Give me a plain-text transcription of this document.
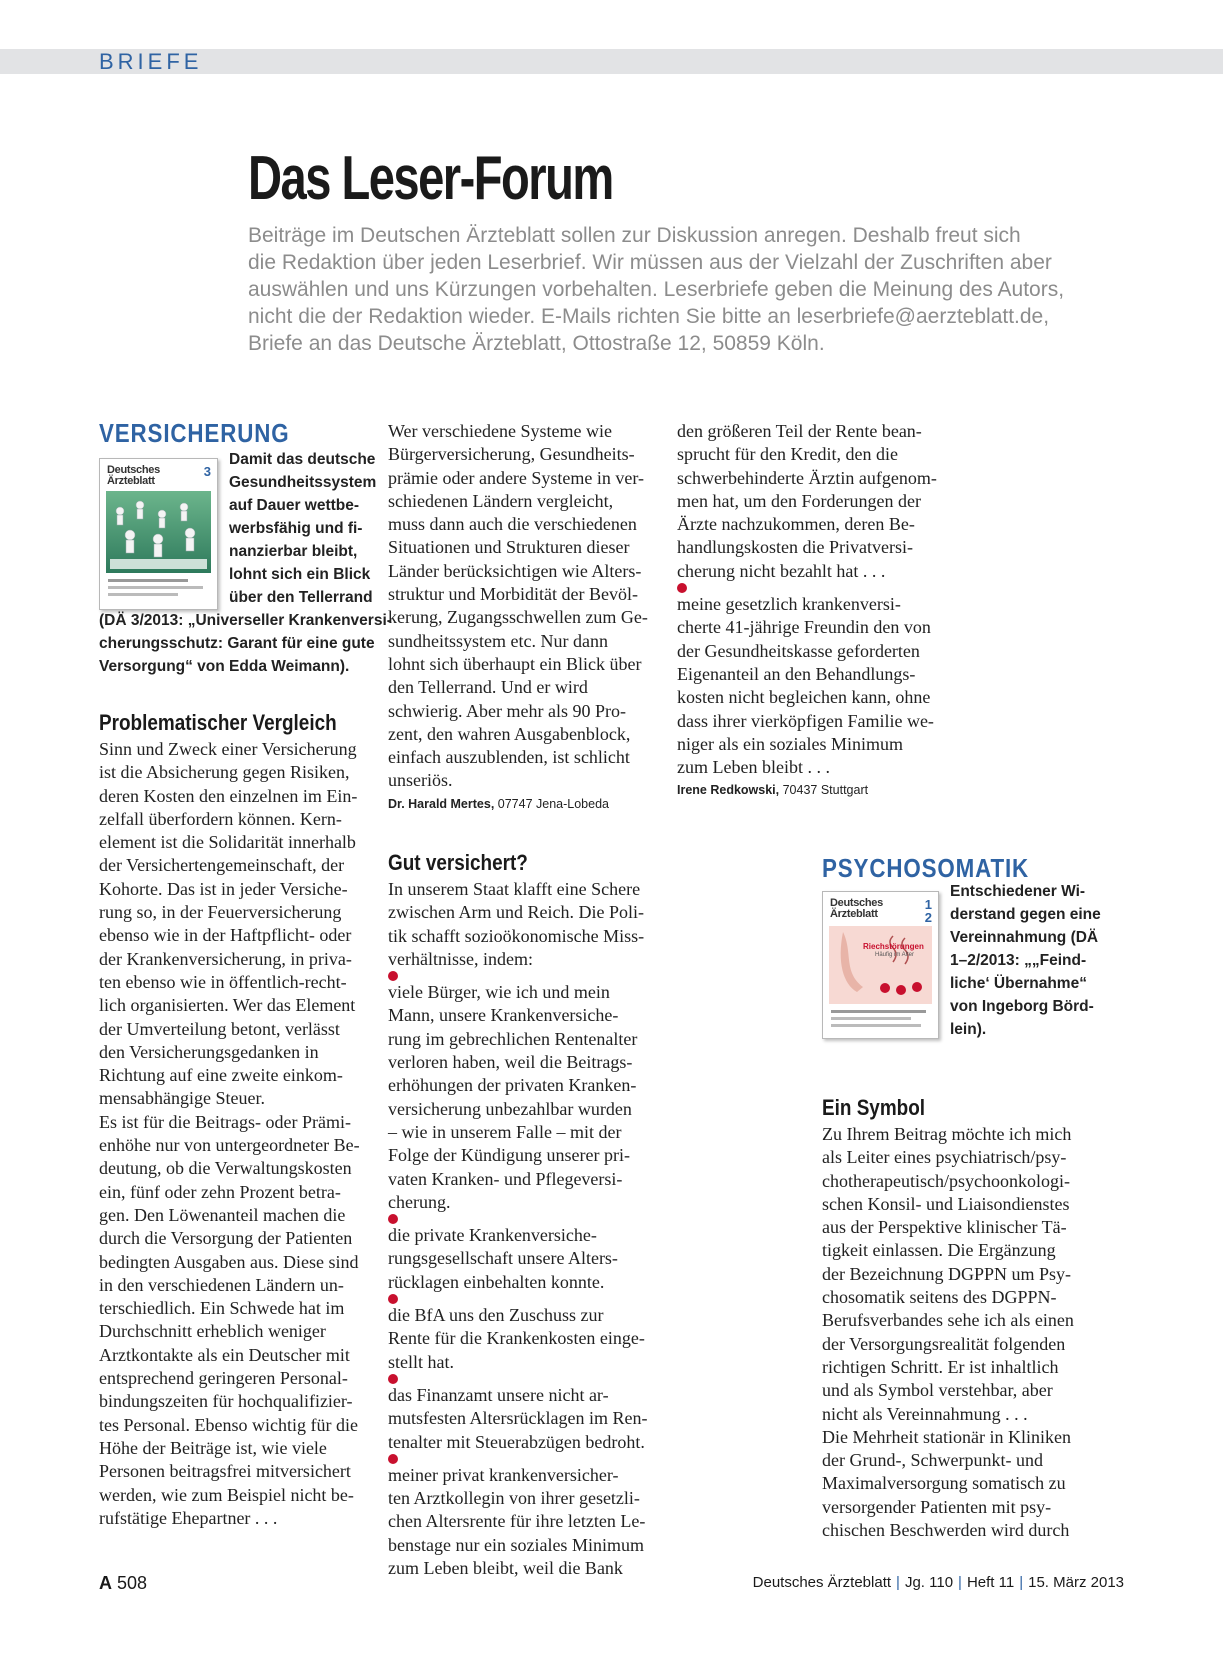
BRIEFE
Das Leser-Forum
Beiträge im Deutschen Ärzteblatt sollen zur Diskussion anregen. Deshalb freut sich
die Redaktion über jeden Leserbrief. Wir müssen aus der Vielzahl der Zuschriften aber
auswählen und uns Kürzungen vorbehalten. Leserbriefe geben die Meinung des Autors,
nicht die der Redaktion wieder. E-Mails richten Sie bitte an leserbriefe@aerzteblatt.de,
Briefe an das Deutsche Ärzteblatt, Ottostraße 12, 50859 Köln.
VERSICHERUNG
Deutsches
Ärzteblatt
3
Damit das deutsche
Gesundheitssystem
auf Dauer wettbe-
werbsfähig und fi-
nanzierbar bleibt,
lohnt sich ein Blick
über den Tellerrand
(DÄ 3/2013: „Universeller Krankenversi-
cherungsschutz: Garant für eine gute
Versorgung“ von Edda Weimann).
Problematischer Vergleich
Sinn und Zweck einer Versicherung
ist die Absicherung gegen Risiken,
deren Kosten den einzelnen im Ein-
zelfall überfordern können. Kern-
element ist die Solidarität innerhalb
der Versichertengemeinschaft, der
Kohorte. Das ist in jeder Versiche-
rung so, in der Feuerversicherung
ebenso wie in der Haftpflicht- oder
der Krankenversicherung, in priva-
ten ebenso wie in öffentlich-recht-
lich organisierten. Wer das Element
der Umverteilung betont, verlässt
den Versicherungsgedanken in
Richtung auf eine zweite einkom-
mensabhängige Steuer.
Es ist für die Beitrags- oder Prämi-
enhöhe nur von untergeordneter Be-
deutung, ob die Verwaltungskosten
ein, fünf oder zehn Prozent betra-
gen. Den Löwenanteil machen die
durch die Versorgung der Patienten
bedingten Ausgaben aus. Diese sind
in den verschiedenen Ländern un-
terschiedlich. Ein Schwede hat im
Durchschnitt erheblich weniger
Arztkontakte als ein Deutscher mit
entsprechend geringeren Personal-
bindungszeiten für hochqualifizier-
tes Personal. Ebenso wichtig für die
Höhe der Beiträge ist, wie viele
Personen beitragsfrei mitversichert
werden, wie zum Beispiel nicht be-
rufstätige Ehepartner . . .
Wer verschiedene Systeme wie
Bürgerversicherung, Gesundheits-
prämie oder andere Systeme in ver-
schiedenen Ländern vergleicht,
muss dann auch die verschiedenen
Situationen und Strukturen dieser
Länder berücksichtigen wie Alters-
struktur und Morbidität der Bevöl-
kerung, Zugangsschwellen zum Ge-
sundheitssystem etc. Nur dann
lohnt sich überhaupt ein Blick über
den Tellerrand. Und er wird
schwierig. Aber mehr als 90 Pro-
zent, den wahren Ausgabenblock,
einfach auszublenden, ist schlicht
unseriös.
Dr. Harald Mertes, 07747 Jena-Lobeda
Gut versichert?
In unserem Staat klafft eine Schere
zwischen Arm und Reich. Die Poli-
tik schafft sozioökonomische Miss-
verhältnisse, indem:
viele Bürger, wie ich und mein
Mann, unsere Krankenversiche-
rung im gebrechlichen Rentenalter
verloren haben, weil die Beitrags-
erhöhungen der privaten Kranken-
versicherung unbezahlbar wurden
– wie in unserem Falle – mit der
Folge der Kündigung unserer pri-
vaten Kranken- und Pflegeversi-
cherung.
die private Krankenversiche-
rungsgesellschaft unsere Alters-
rücklagen einbehalten konnte.
die BfA uns den Zuschuss zur
Rente für die Krankenkosten einge-
stellt hat.
das Finanzamt unsere nicht ar-
mutsfesten Altersrücklagen im Ren-
tenalter mit Steuerabzügen bedroht.
meiner privat krankenversicher-
ten Arztkollegin von ihrer gesetzli-
chen Altersrente für ihre letzten Le-
benstage nur ein soziales Minimum
zum Leben bleibt, weil die Bank
den größeren Teil der Rente bean-
sprucht für den Kredit, den die
schwerbehinderte Ärztin aufgenom-
men hat, um den Forderungen der
Ärzte nachzukommen, deren Be-
handlungskosten die Privatversi-
cherung nicht bezahlt hat . . .
meine gesetzlich krankenversi-
cherte 41-jährige Freundin den von
der Gesundheitskasse geforderten
Eigenanteil an den Behandlungs-
kosten nicht begleichen kann, ohne
dass ihrer vierköpfigen Familie we-
niger als ein soziales Minimum
zum Leben bleibt . . .
Irene Redkowski, 70437 Stuttgart
PSYCHOSOMATIK
Deutsches
Ärzteblatt
1
2
Riechstörungen
Häufig im Alter
Entschiedener Wi-
derstand gegen eine
Vereinnahmung (DÄ
1–2/2013: „„Feind-
liche‘ Übernahme“
von Ingeborg Börd-
lein).
Ein Symbol
Zu Ihrem Beitrag möchte ich mich
als Leiter eines psychiatrisch/psy-
chotherapeutisch/psychoonkologi-
schen Konsil- und Liaisondienstes
aus der Perspektive klinischer Tä-
tigkeit einlassen. Die Ergänzung
der Bezeichnung DGPPN um Psy-
chosomatik seitens des DGPPN-
Berufsverbandes sehe ich als einen
der Versorgungsrealität folgenden
richtigen Schritt. Er ist inhaltlich
und als Symbol verstehbar, aber
nicht als Vereinnahmung . . .
Die Mehrheit stationär in Kliniken
der Grund-, Schwerpunkt- und
Maximalversorgung somatisch zu
versorgender Patienten mit psy-
chischen Beschwerden wird durch
A 508	Deutsches Ärzteblatt | Jg. 110 | Heft 11 | 15. März 2013
